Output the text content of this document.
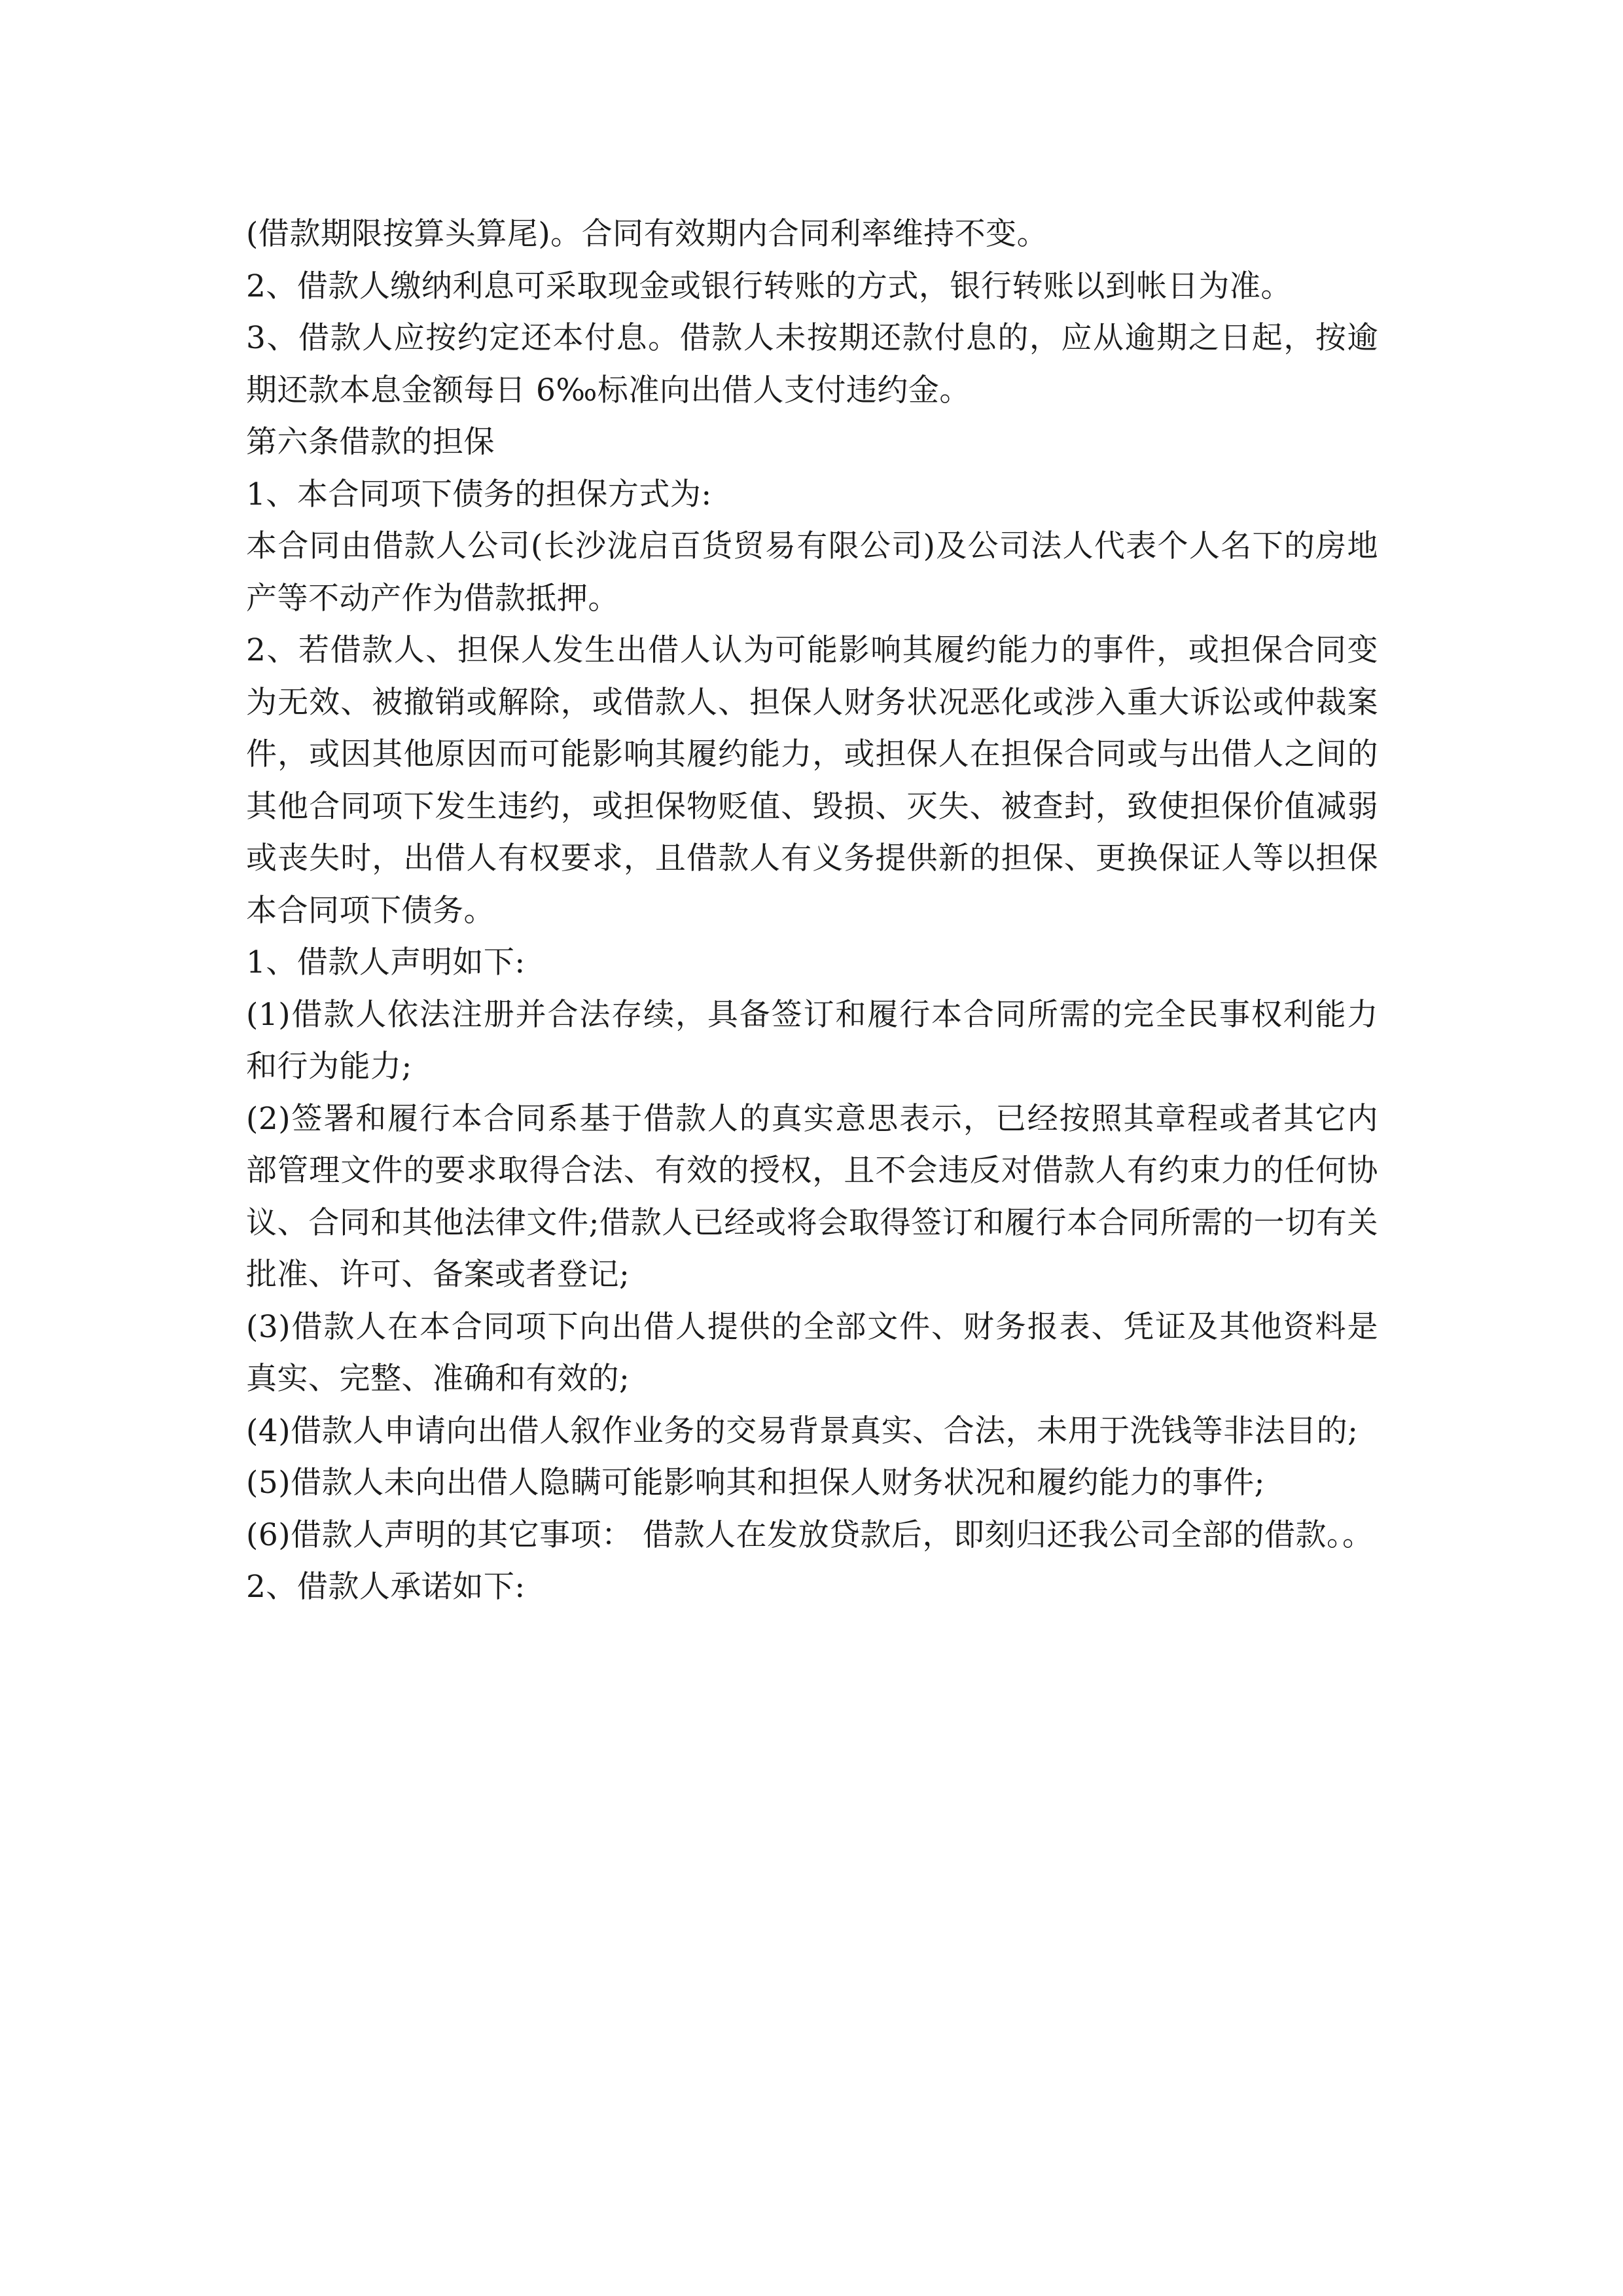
(借款期限按算头算尾)。合同有效期内合同利率维持不变。

2、借款人缴纳利息可采取现金或银行转账的方式，银行转账以到帐日为准。

3、借款人应按约定还本付息。借款人未按期还款付息的，应从逾期之日起，按逾期还款本息金额每日 6‰标准向出借人支付违约金。

第六条借款的担保

1、本合同项下债务的担保方式为:

本合同由借款人公司(长沙泷启百货贸易有限公司)及公司法人代表个人名下的房地产等不动产作为借款抵押。

2、若借款人、担保人发生出借人认为可能影响其履约能力的事件，或担保合同变为无效、被撤销或解除，或借款人、担保人财务状况恶化或涉入重大诉讼或仲裁案件，或因其他原因而可能影响其履约能力，或担保人在担保合同或与出借人之间的其他合同项下发生违约，或担保物贬值、毁损、灭失、被查封，致使担保价值减弱或丧失时，出借人有权要求，且借款人有义务提供新的担保、更换保证人等以担保本合同项下债务。

1、借款人声明如下:

(1)借款人依法注册并合法存续，具备签订和履行本合同所需的完全民事权利能力和行为能力;

(2)签署和履行本合同系基于借款人的真实意思表示，已经按照其章程或者其它内部管理文件的要求取得合法、有效的授权，且不会违反对借款人有约束力的任何协议、合同和其他法律文件;借款人已经或将会取得签订和履行本合同所需的一切有关批准、许可、备案或者登记;

(3)借款人在本合同项下向出借人提供的全部文件、财务报表、凭证及其他资料是真实、完整、准确和有效的;

(4)借款人申请向出借人叙作业务的交易背景真实、合法，未用于洗钱等非法目的;

(5)借款人未向出借人隐瞒可能影响其和担保人财务状况和履约能力的事件;

(6)借款人声明的其它事项： 借款人在发放贷款后，即刻归还我公司全部的借款。。

2、借款人承诺如下:
